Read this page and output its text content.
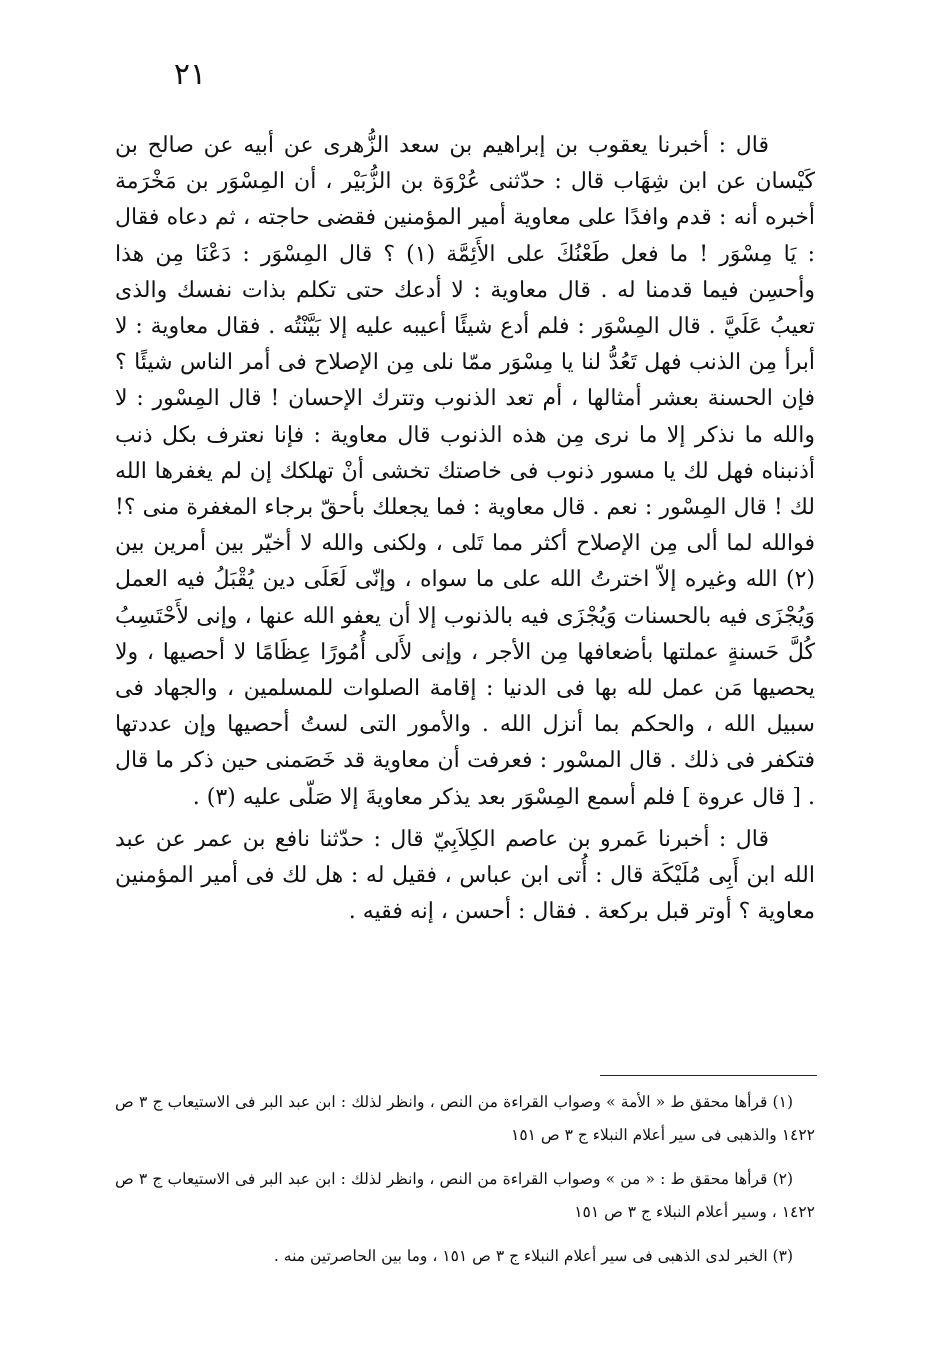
٢١

قال : أخبرنا يعقوب بن إبراهيم بن سعد الزُّهرى عن أبيه عن صالح بن كَيْسان عن ابن شِهَاب قال : حدّثنى عُرْوَة بن الزُّبَيْر ، أن المِسْوَر بن مَخْرَمة أخبره أنه : قدم وافدًا على معاوية أمير المؤمنين فقضى حاجته ، ثم دعاه فقال : يَا مِسْوَر ! ما فعل طَعْنُكَ على الأَئِمَّة (١) ؟ قال المِسْوَر : دَعْنَا مِن هذا وأحسِن فيما قدمنا له . قال معاوية : لا أدعك حتى تكلم بذات نفسك والذى تعيبُ عَلَيَّ . قال المِسْوَر : فلم أدع شيئًا أعيبه عليه إلا بَيَّنْتُه . فقال معاوية : لا أبرأ مِن الذنب فهل تَعُدُّ لنا يا مِسْوَر ممّا نلى مِن الإصلاح فى أمر الناس شيئًا ؟ فإن الحسنة بعشر أمثالها ، أم تعد الذنوب وتترك الإحسان ! قال المِسْور : لا والله ما نذكر إلا ما نرى مِن هذه الذنوب قال معاوية : فإنا نعترف بكل ذنب أذنبناه فهل لك يا مسور ذنوب فى خاصتك تخشى أنْ تهلكك إن لم يغفرها الله لك ! قال المِسْور : نعم . قال معاوية : فما يجعلك بأحقّ برجاء المغفرة منى ؟! فوالله لما ألى مِن الإصلاح أكثر مما تَلى ، ولكنى والله لا أخيّر بين أمرين بين (٢) الله وغيره إلاّ اخترتُ الله على ما سواه ، وإنّى لَعَلَى دين يُقْبَلُ فيه العمل وَيُجْزَى فيه بالحسنات وَيُجْزَى فيه بالذنوب إلا أن يعفو الله عنها ، وإنى لأَحْتَسِبُ كُلَّ حَسنةٍ عملتها بأضعافها مِن الأجر ، وإنى لأَلى أُمُورًا عِظَامًا لا أحصيها ، ولا يحصيها مَن عمل لله بها فى الدنيا : إقامة الصلوات للمسلمين ، والجهاد فى سبيل الله ، والحكم بما أنزل الله . والأمور التى لستُ أحصيها وإن عددتها فتكفر فى ذلك . قال المسْور : فعرفت أن معاوية قد خَصَمنى حين ذكر ما قال . [ قال عروة ] فلم أسمع المِسْوَر بعد يذكر معاويةَ إلا صَلّى عليه (٣) .

قال : أخبرنا عَمرو بن عاصم الكِلاَبِيّ قال : حدّثنا نافع بن عمر عن عبد الله ابن أَبِى مُلَيْكَة قال : أُتى ابن عباس ، فقيل له : هل لك فى أمير المؤمنين معاوية ؟ أوتر قبل بركعة . فقال : أحسن ، إنه فقيه .

(١) قرأها محقق ط « الأمة » وصواب القراءة من النص ، وانظر لذلك : ابن عبد البر فى الاستيعاب ج ٣ ص ١٤٢٢ والذهبى فى سير أعلام النبلاء ج ٣ ص ١٥١

(٢) قرأها محقق ط : « من » وصواب القراءة من النص ، وانظر لذلك : ابن عبد البر فى الاستيعاب ج ٣ ص ١٤٢٢ ، وسير أعلام النبلاء ج ٣ ص ١٥١

(٣) الخبر لدى الذهبى فى سير أعلام النبلاء ج ٣ ص ١٥١ ، وما بين الحاصرتين منه .
